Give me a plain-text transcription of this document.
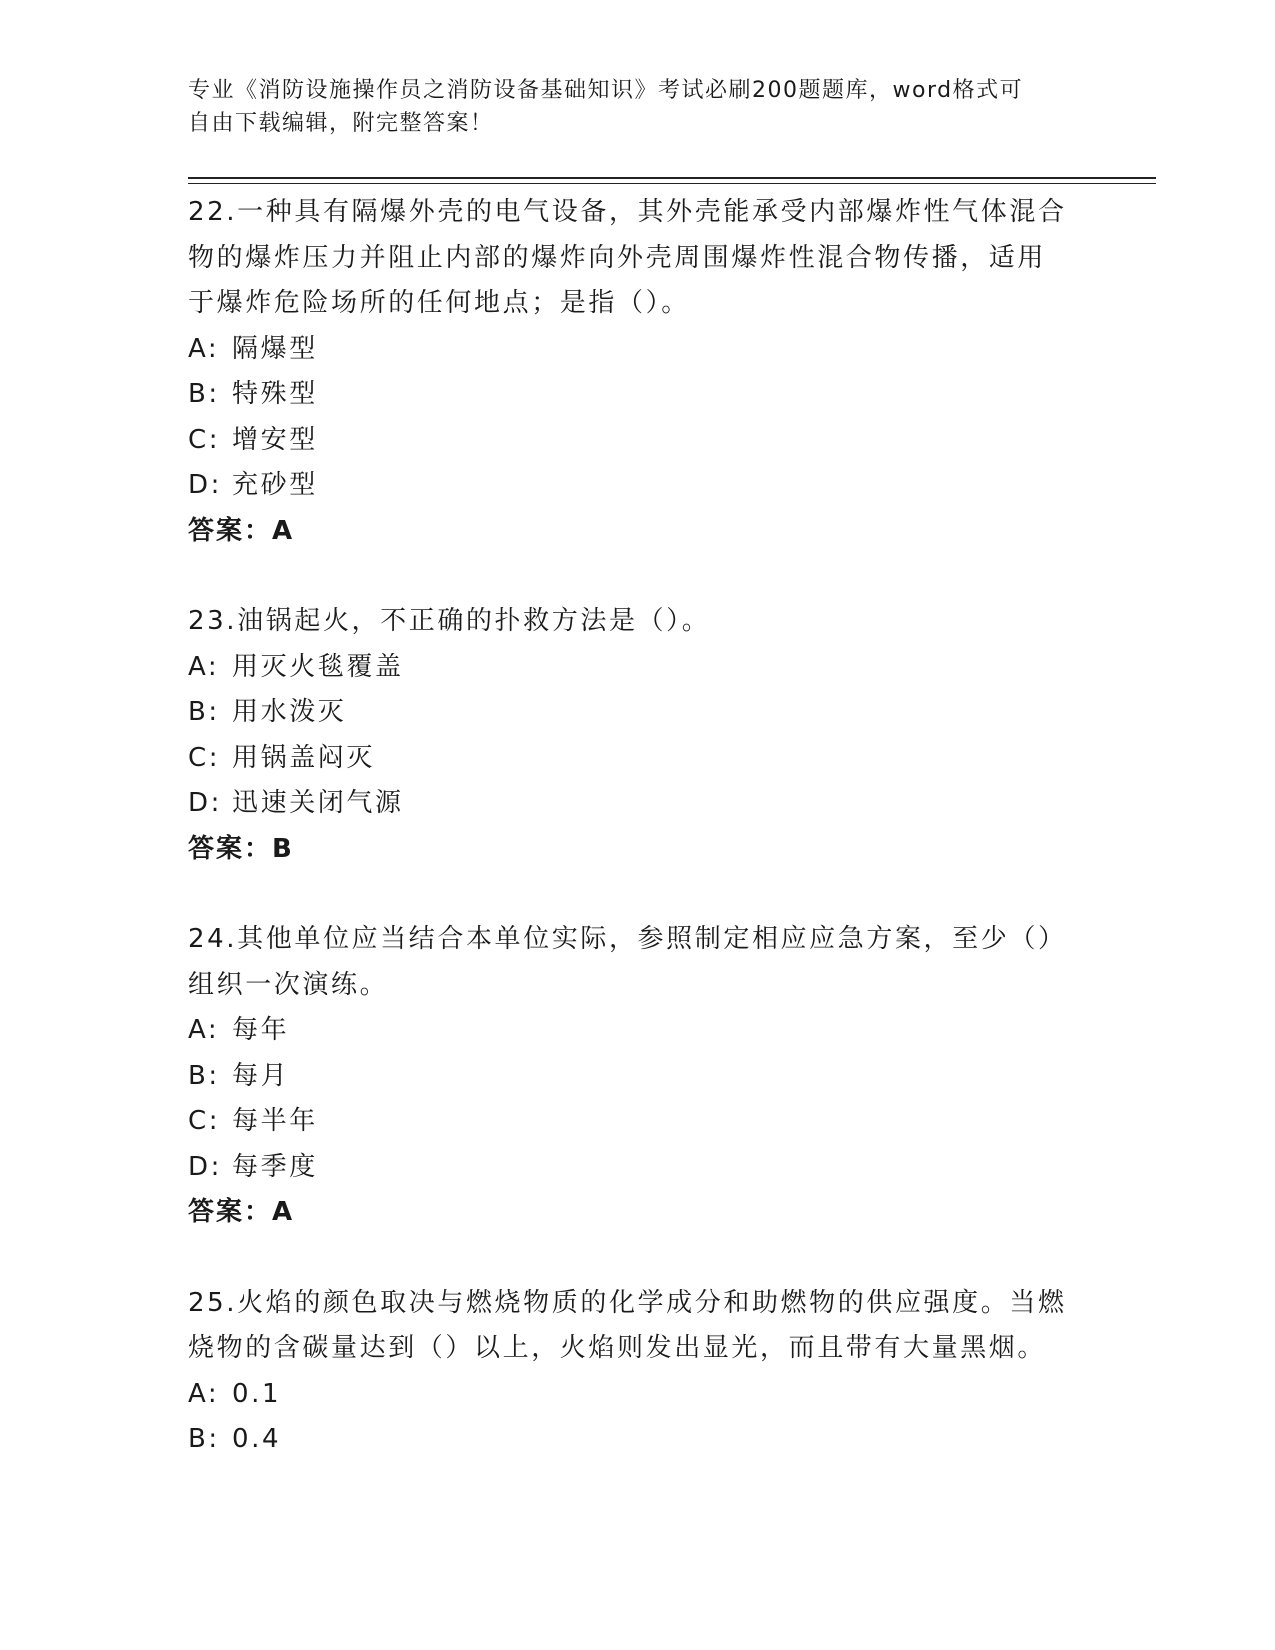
专业《消防设施操作员之消防设备基础知识》考试必刷200题题库，word格式可
自由下载编辑，附完整答案！

22.一种具有隔爆外壳的电气设备，其外壳能承受内部爆炸性气体混合

物的爆炸压力并阻止内部的爆炸向外壳周围爆炸性混合物传播，适用

于爆炸危险场所的任何地点；是指（）。

A: 隔爆型

B: 特殊型

C: 增安型

D: 充砂型

答案：A

23.油锅起火，不正确的扑救方法是（）。

A: 用灭火毯覆盖

B: 用水泼灭

C: 用锅盖闷灭

D: 迅速关闭气源

答案：B

24.其他单位应当结合本单位实际，参照制定相应应急方案，至少（）

组织一次演练。

A: 每年

B: 每月

C: 每半年

D: 每季度

答案：A

25.火焰的颜色取决与燃烧物质的化学成分和助燃物的供应强度。当燃

烧物的含碳量达到（）以上，火焰则发出显光，而且带有大量黑烟。

A: 0.1

B: 0.4
